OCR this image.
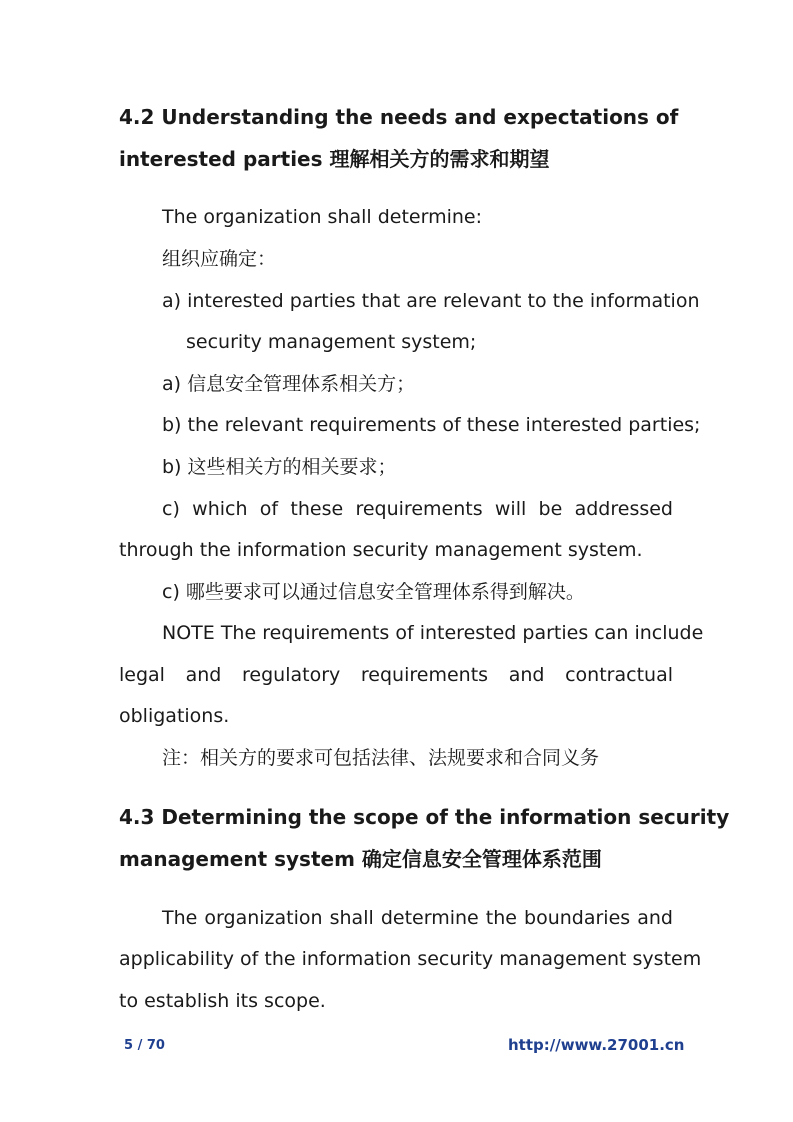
4.2 Understanding the needs and expectations of
interested parties 理解相关方的需求和期望
The organization shall determine:
组织应确定：
a) interested parties that are relevant to the information
security management system;
a) 信息安全管理体系相关方；
b) the relevant requirements of these interested parties;
b) 这些相关方的相关要求；
c) which of these requirements will be addressed
through the information security management system.
c) 哪些要求可以通过信息安全管理体系得到解决。
NOTE The requirements of interested parties can include
legal and regulatory requirements and contractual
obligations.
注：相关方的要求可包括法律、法规要求和合同义务
4.3 Determining the scope of the information security
management system 确定信息安全管理体系范围
The organization shall determine the boundaries and
applicability of the information security management system
to establish its scope.
5 / 70	http://www.27001.cn
